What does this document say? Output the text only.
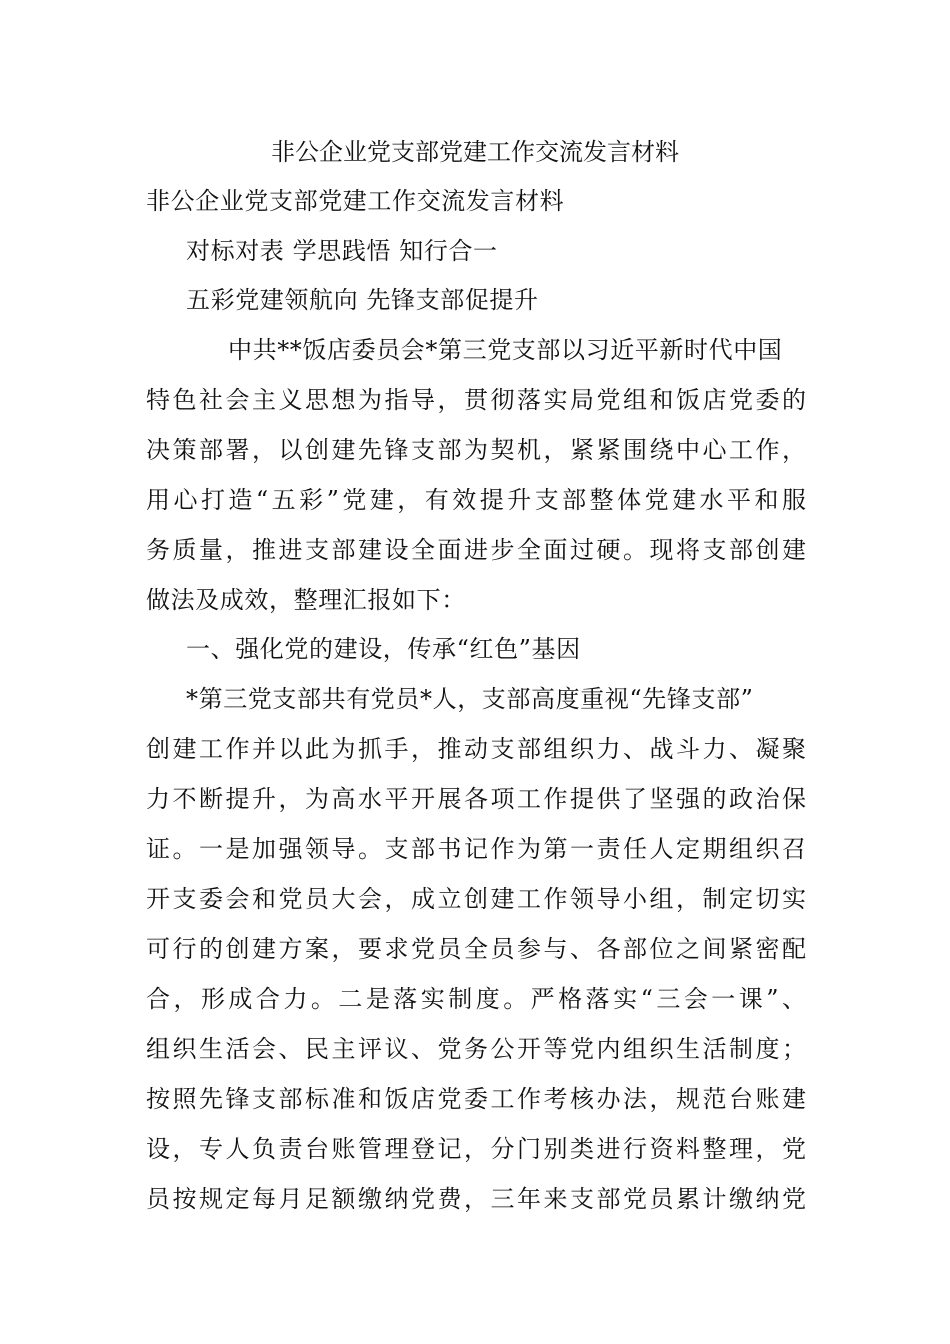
非公企业党支部党建工作交流发言材料
非公企业党支部党建工作交流发言材料
对标对表 学思践悟 知行合一
五彩党建领航向 先锋支部促提升
中共**饭店委员会*第三党支部以习近平新时代中国
特色社会主义思想为指导，贯彻落实局党组和饭店党委的
决策部署，以创建先锋支部为契机，紧紧围绕中心工作，
用心打造“五彩”党建，有效提升支部整体党建水平和服
务质量，推进支部建设全面进步全面过硬。现将支部创建
做法及成效，整理汇报如下：
一、强化党的建设，传承“红色”基因
*第三党支部共有党员*人，支部高度重视“先锋支部”
创建工作并以此为抓手，推动支部组织力、战斗力、凝聚
力不断提升，为高水平开展各项工作提供了坚强的政治保
证。一是加强领导。支部书记作为第一责任人定期组织召
开支委会和党员大会，成立创建工作领导小组，制定切实
可行的创建方案，要求党员全员参与、各部位之间紧密配
合，形成合力。二是落实制度。严格落实“三会一课”、
组织生活会、民主评议、党务公开等党内组织生活制度；
按照先锋支部标准和饭店党委工作考核办法，规范台账建
设，专人负责台账管理登记，分门别类进行资料整理，党
员按规定每月足额缴纳党费，三年来支部党员累计缴纳党
